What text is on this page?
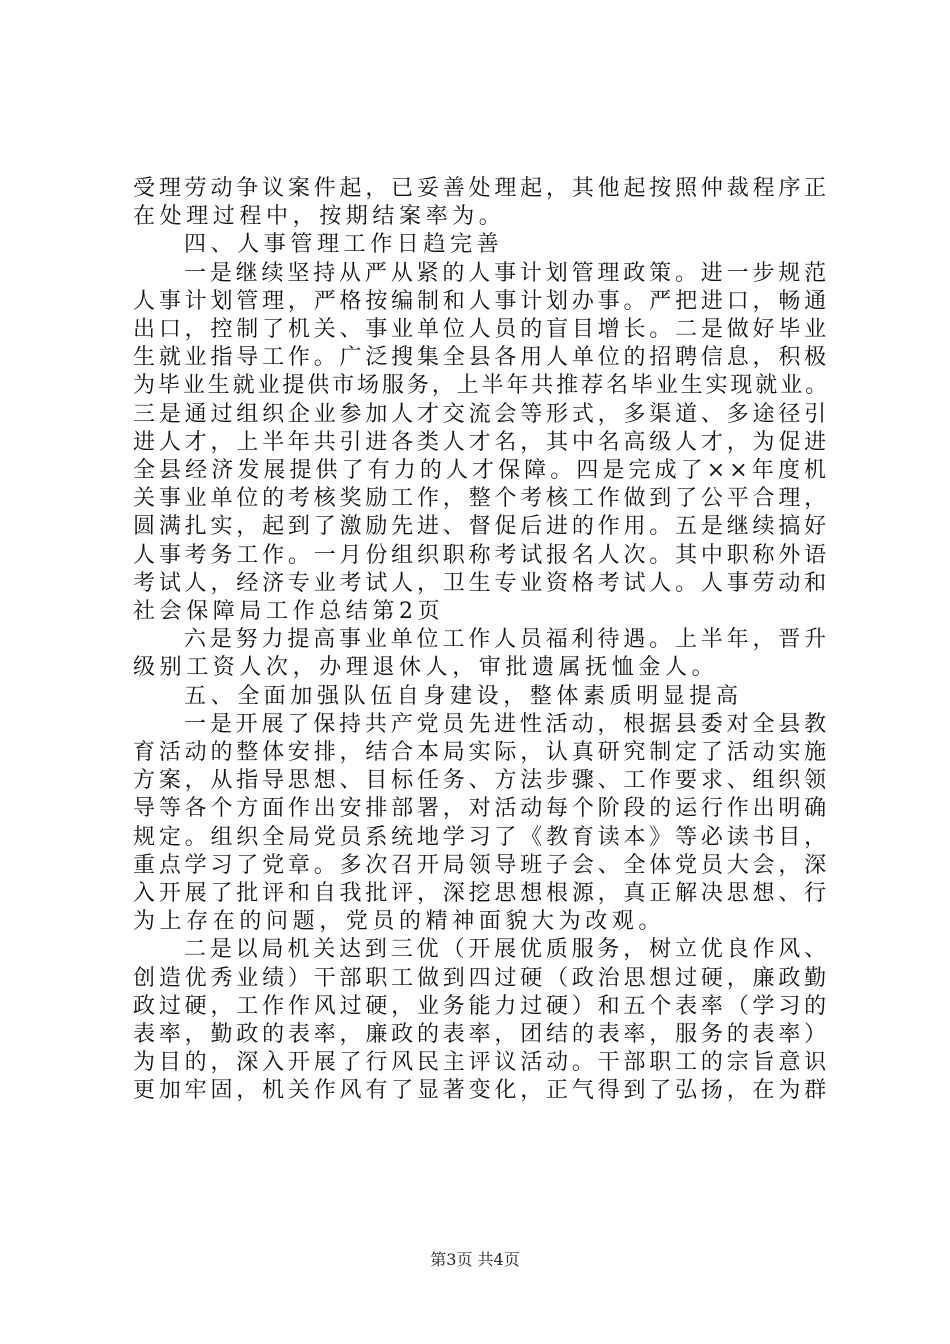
受理劳动争议案件起，已妥善处理起，其他起按照仲裁程序正

在处理过程中，按期结案率为。

四、人事管理工作日趋完善

一是继续坚持从严从紧的人事计划管理政策。进一步规范

人事计划管理，严格按编制和人事计划办事。严把进口，畅通

出口，控制了机关、事业单位人员的盲目增长。二是做好毕业

生就业指导工作。广泛搜集全县各用人单位的招聘信息，积极

为毕业生就业提供市场服务，上半年共推荐名毕业生实现就业。

三是通过组织企业参加人才交流会等形式，多渠道、多途径引

进人才，上半年共引进各类人才名，其中名高级人才，为促进

全县经济发展提供了有力的人才保障。四是完成了××年度机

关事业单位的考核奖励工作，整个考核工作做到了公平合理，

圆满扎实，起到了激励先进、督促后进的作用。五是继续搞好

人事考务工作。一月份组织职称考试报名人次。其中职称外语

考试人，经济专业考试人，卫生专业资格考试人。人事劳动和

社会保障局工作总结第2页

六是努力提高事业单位工作人员福利待遇。上半年，晋升

级别工资人次，办理退休人，审批遗属抚恤金人。

五、全面加强队伍自身建设，整体素质明显提高

一是开展了保持共产党员先进性活动，根据县委对全县教

育活动的整体安排，结合本局实际，认真研究制定了活动实施

方案，从指导思想、目标任务、方法步骤、工作要求、组织领

导等各个方面作出安排部署，对活动每个阶段的运行作出明确

规定。组织全局党员系统地学习了《教育读本》等必读书目，

重点学习了党章。多次召开局领导班子会、全体党员大会，深

入开展了批评和自我批评，深挖思想根源，真正解决思想、行

为上存在的问题，党员的精神面貌大为改观。

二是以局机关达到三优（开展优质服务，树立优良作风、

创造优秀业绩）干部职工做到四过硬（政治思想过硬，廉政勤

政过硬，工作作风过硬，业务能力过硬）和五个表率（学习的

表率，勤政的表率，廉政的表率，团结的表率，服务的表率）

为目的，深入开展了行风民主评议活动。干部职工的宗旨意识

更加牢固，机关作风有了显著变化，正气得到了弘扬，在为群

第3页 共4页
